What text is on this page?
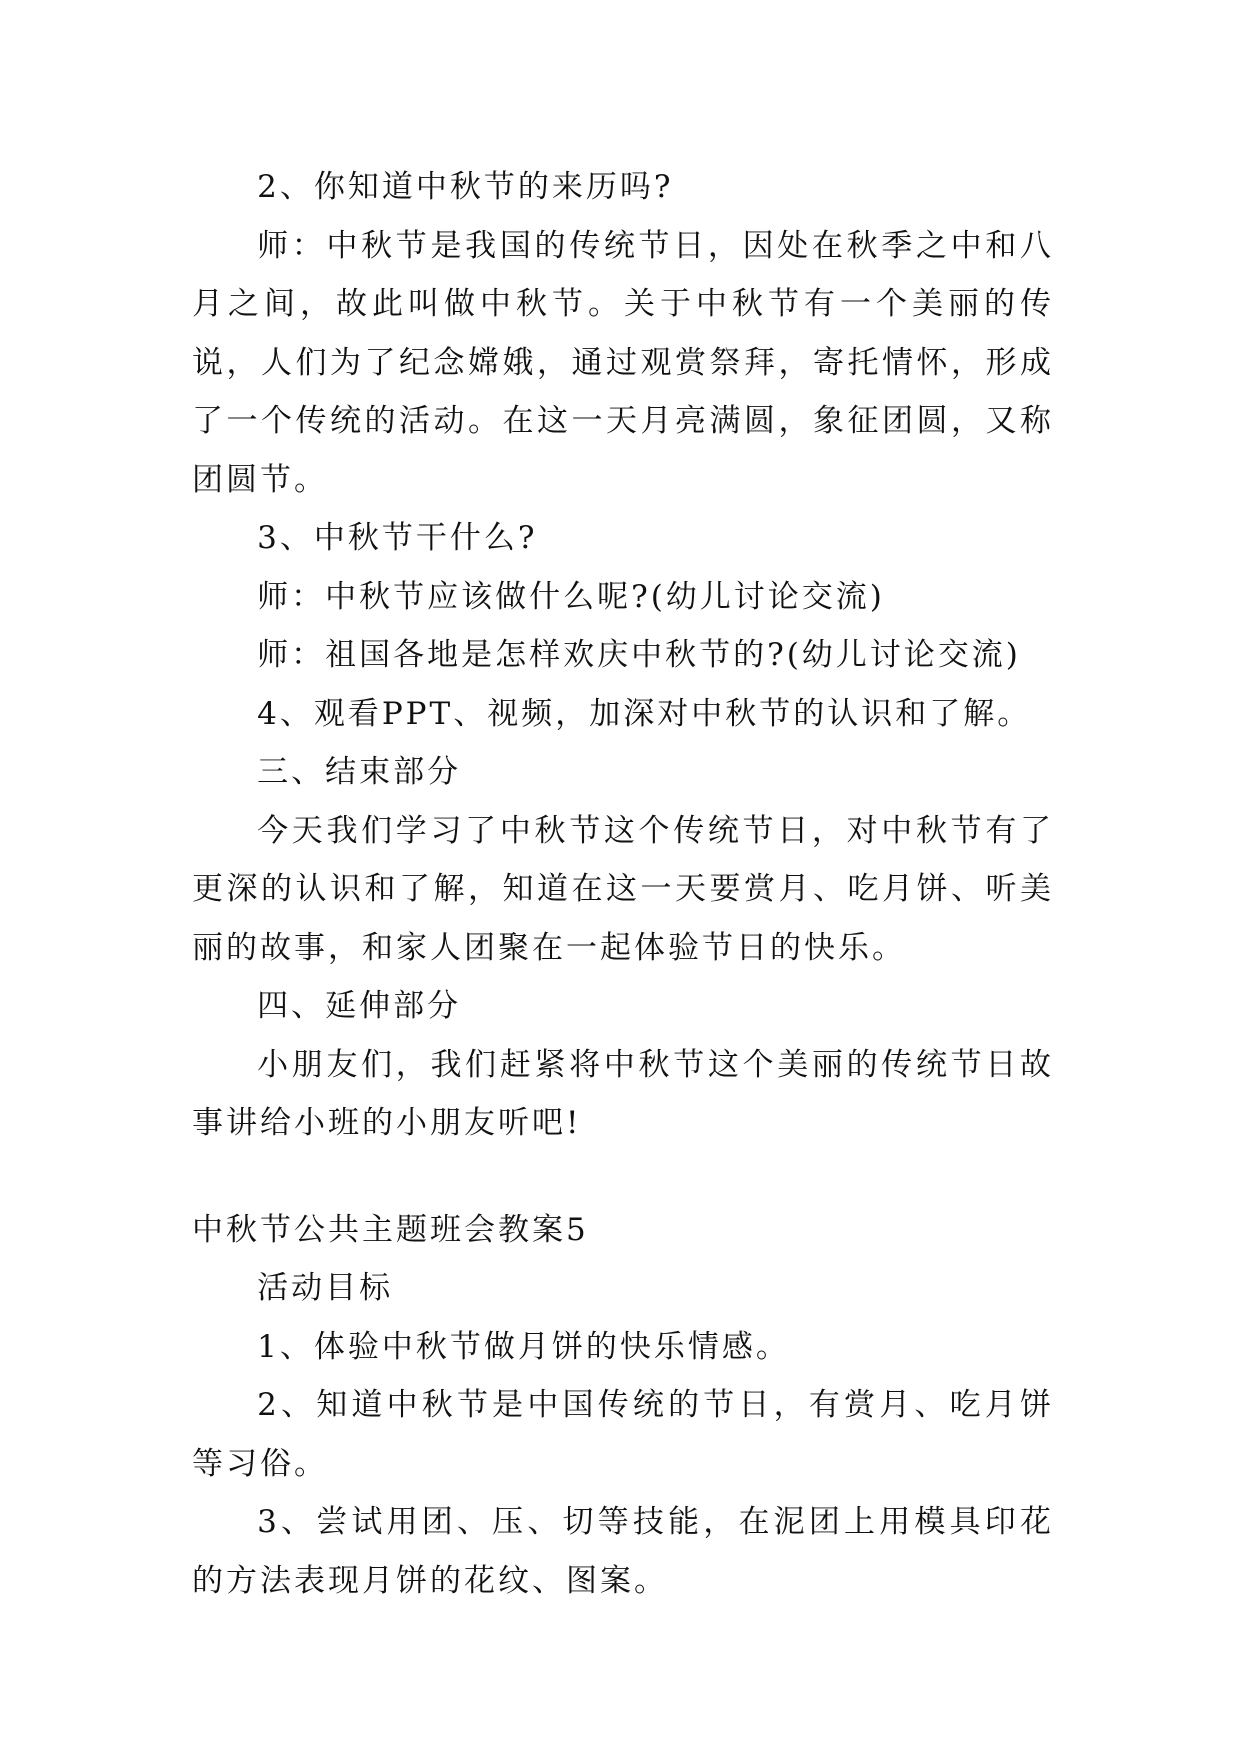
2、你知道中秋节的来历吗?

师：中秋节是我国的传统节日，因处在秋季之中和八月之间，故此叫做中秋节。关于中秋节有一个美丽的传说，人们为了纪念嫦娥，通过观赏祭拜，寄托情怀，形成了一个传统的活动。在这一天月亮满圆，象征团圆，又称团圆节。

3、中秋节干什么?

师：中秋节应该做什么呢?(幼儿讨论交流)

师：祖国各地是怎样欢庆中秋节的?(幼儿讨论交流)

4、观看PPT、视频，加深对中秋节的认识和了解。

三、结束部分

今天我们学习了中秋节这个传统节日，对中秋节有了更深的认识和了解，知道在这一天要赏月、吃月饼、听美丽的故事，和家人团聚在一起体验节日的快乐。

四、延伸部分

小朋友们，我们赶紧将中秋节这个美丽的传统节日故事讲给小班的小朋友听吧!

中秋节公共主题班会教案5

活动目标

1、体验中秋节做月饼的快乐情感。

2、知道中秋节是中国传统的节日，有赏月、吃月饼等习俗。

3、尝试用团、压、切等技能，在泥团上用模具印花的方法表现月饼的花纹、图案。
